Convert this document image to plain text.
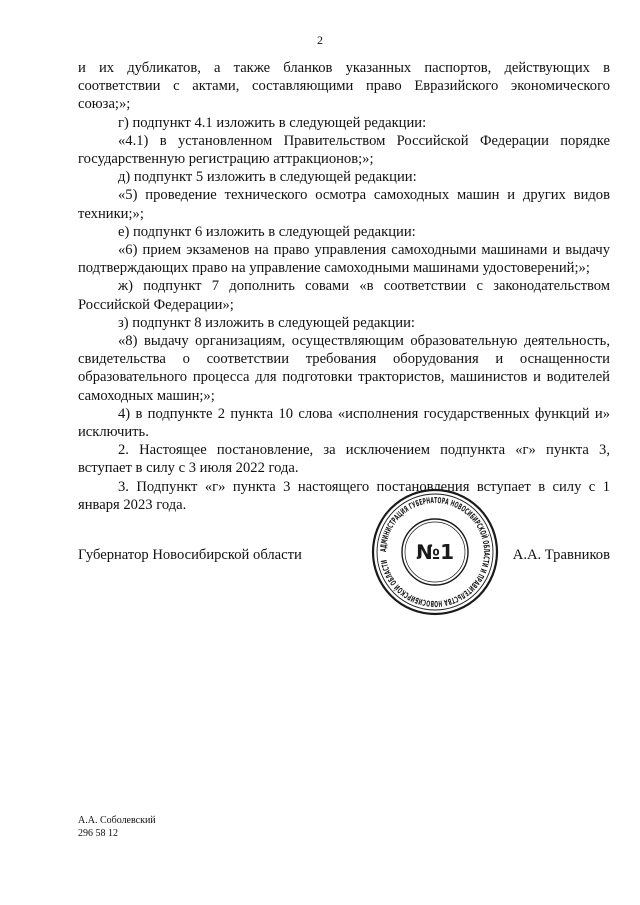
2

и их дубликатов, а также бланков указанных паспортов, действующих в соответствии с актами, составляющими право Евразийского экономического союза;»;

г) подпункт 4.1 изложить в следующей редакции:

«4.1) в установленном Правительством Российской Федерации порядке государственную регистрацию аттракционов;»;

д) подпункт 5 изложить в следующей редакции:

«5) проведение технического осмотра самоходных машин и других видов техники;»;

е) подпункт 6 изложить в следующей редакции:

«6) прием экзаменов на право управления самоходными машинами и выдачу подтверждающих право на управление самоходными машинами удостоверений;»;

ж) подпункт 7 дополнить совами «в соответствии с законодательством Российской Федерации»;

з) подпункт 8 изложить в следующей редакции:

«8) выдачу организациям, осуществляющим образовательную деятельность, свидетельства о соответствии требования оборудования и оснащенности образовательного процесса для подготовки трактористов, машинистов и водителей самоходных машин;»;

4) в подпункте 2 пункта 10 слова «исполнения государственных функций и» исключить.

2. Настоящее постановление, за исключением подпункта «г» пункта 3, вступает в силу с 3 июля 2022 года.

3. Подпункт «г» пункта 3 настоящего постановления вступает в силу с 1 января 2023 года.

Губернатор Новосибирской области	А.А. Травников
АДМИНИСТРАЦИЯ ГУБЕРНАТОРА НОВОСИБИРСКОЙ ОБЛАСТИ И ПРАВИТЕЛЬСТВА НОВОСИБИРСКОЙ ОБЛАСТИ	№1
А.А. Соболевский
296 58 12
